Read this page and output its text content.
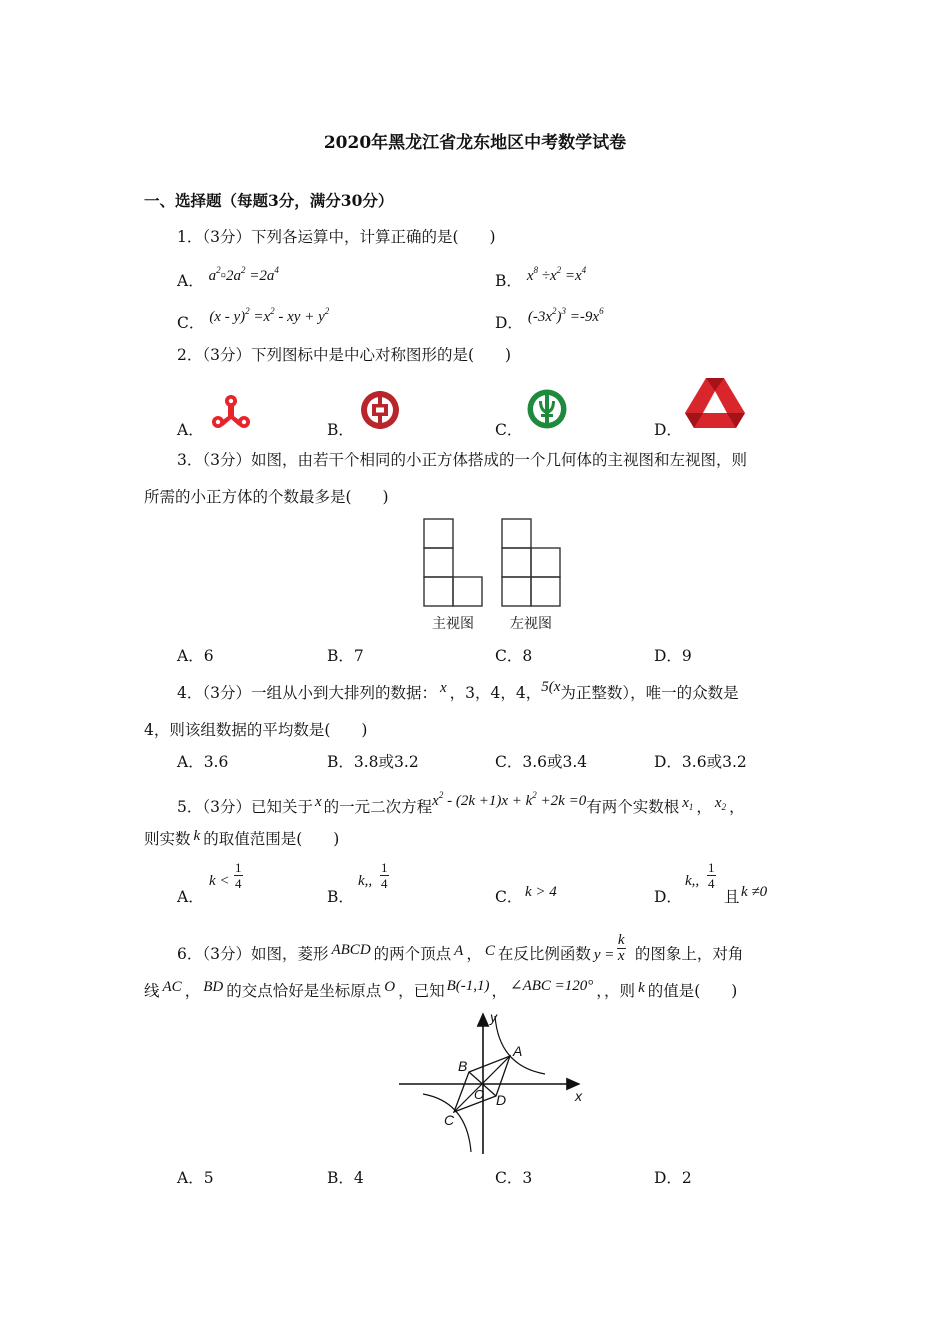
2020年黑龙江省龙东地区中考数学试卷
一、选择题（每题3分，满分30分）
1．（3分）下列各运算中，计算正确的是(　　)
A． $a^2▫2a^2 =2a^4$
B． $x^8 \div x^2 =x^4$
C． $(x - y)^2 =x^2$ - xy + $y^2$
D． $(-3x^2)^3 =-9x^6$
2．（3分）下列图标中是中心对称图形的是(　　)
A．	B．	C．	D．
3．（3分）如图，由若干个相同的小正方体搭成的一个几何体的主视图和左视图，则
所需的小正方体的个数最多是(　　)
主视图	左视图
A．6	B．7	C．8	D．9
4．（3分）一组从小到大排列的数据： x ，3，4，4，5(x为正整数），唯一的众数是
4，则该组数据的平均数是(　　)
A．3.6	B．3.8或3.2	C．3.6或3.4	D．3.6或3.2
5．（3分）已知关于 x 的一元二次方程$x^2 - (2k +1)x + k^2 +2k =0$有两个实数根 $x_1$ ， $x_2$ ，
则实数 k 的取值范围是(　　)
A．
$k < \frac{1}{4}$
B．
k,, $\frac{1}{4}$
C． k > 4	D．
k,, $\frac{1}{4}$
且 k ≠0
6．（3分）如图，菱形 ABCD 的两个顶点 A ， C 在反比例函数 $y = \frac{k}{x}$ 的图象上，对角
线 AC ， BD 的交点恰好是坐标原点 O ，已知 B(-1,1) ， ∠ABC =120° ，，则 k 的值是(　　)
y
x
A
B
C
D
O
A．5	B．4	C．3	D．2
